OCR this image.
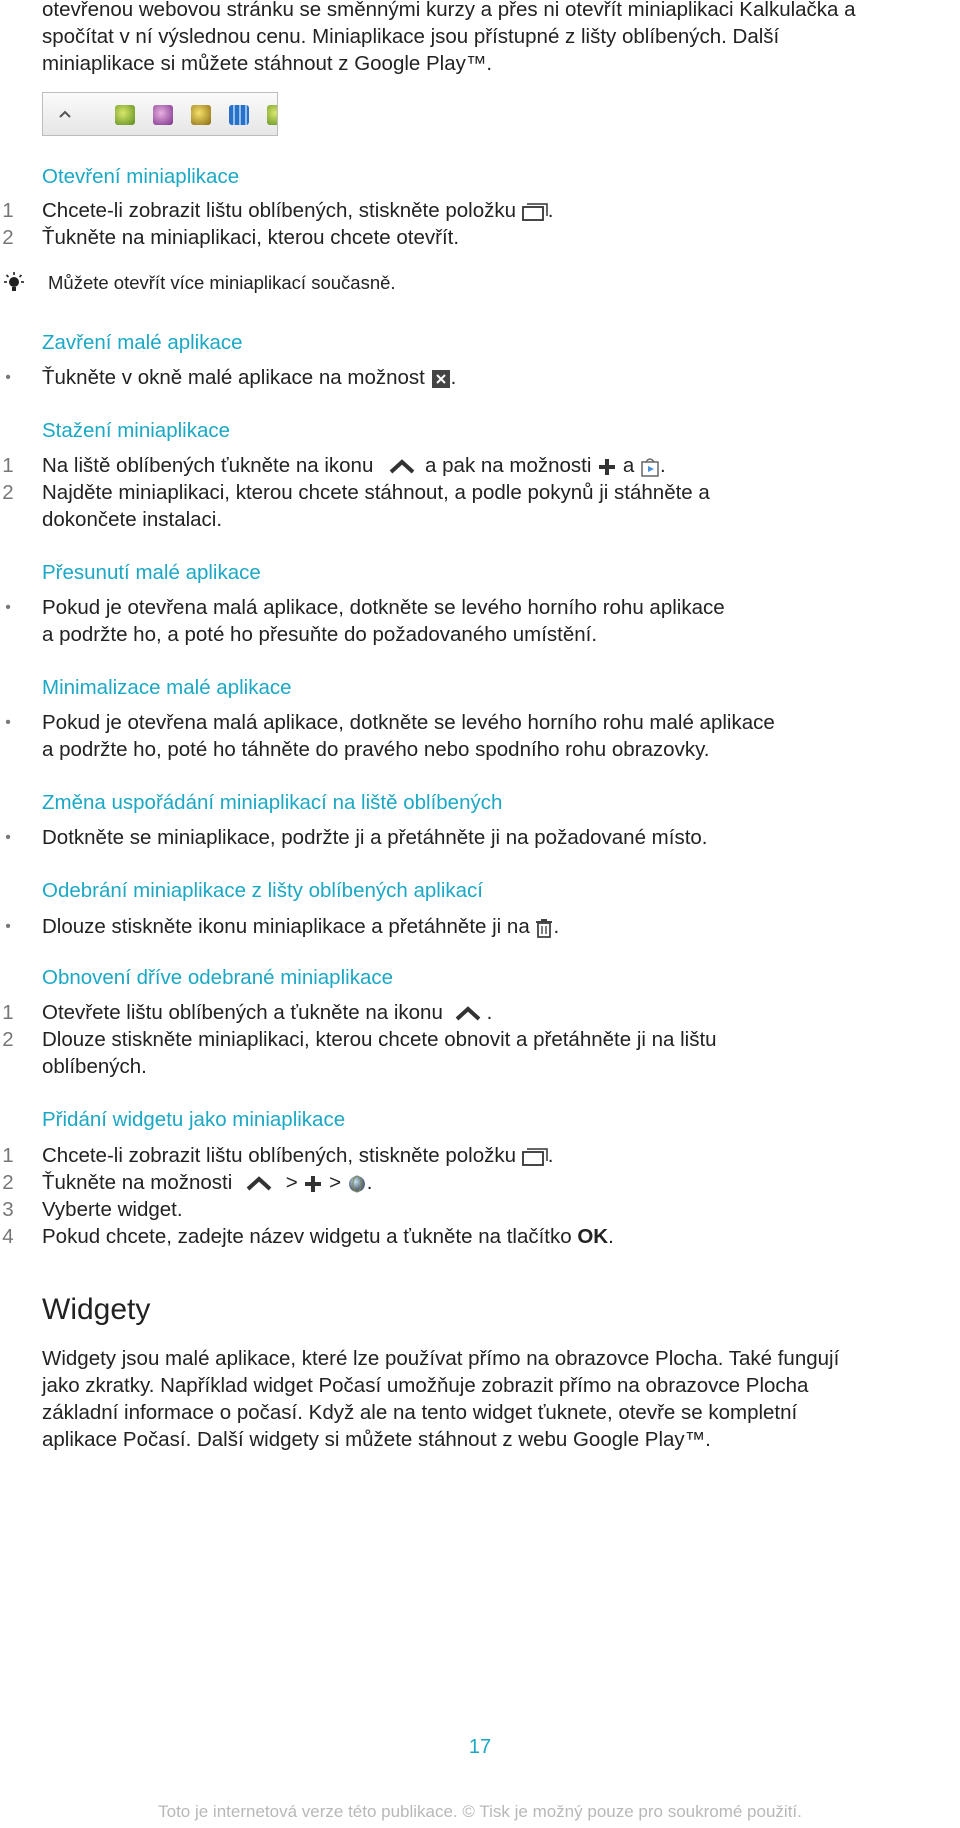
otevřenou webovou stránku se směnnými kurzy a přes ni otevřít miniaplikaci Kalkulačka a
spočítat v ní výslednou cenu. Miniaplikace jsou přístupné z lišty oblíbených. Další
miniaplikace si můžete stáhnout z Google Play™.
Otevření miniaplikace
1 Chcete-li zobrazit lištu oblíbených, stiskněte položku .
2 Ťukněte na miniaplikaci, kterou chcete otevřít.
Můžete otevřít více miniaplikací současně.
Zavření malé aplikace
• Ťukněte v okně malé aplikace na možnost .
Stažení miniaplikace
1 Na liště oblíbených ťukněte na ikonu	a pak na možnosti a .
2 Najděte miniaplikaci, kterou chcete stáhnout, a podle pokynů ji stáhněte a
dokončete instalaci.
Přesunutí malé aplikace
• Pokud je otevřena malá aplikace, dotkněte se levého horního rohu aplikace
a podržte ho, a poté ho přesuňte do požadovaného umístění.
Minimalizace malé aplikace
• Pokud je otevřena malá aplikace, dotkněte se levého horního rohu malé aplikace
a podržte ho, poté ho táhněte do pravého nebo spodního rohu obrazovky.
Změna uspořádání miniaplikací na liště oblíbených
• Dotkněte se miniaplikace, podržte ji a přetáhněte ji na požadované místo.
Odebrání miniaplikace z lišty oblíbených aplikací
• Dlouze stiskněte ikonu miniaplikace a přetáhněte ji na .
Obnovení dříve odebrané miniaplikace
1 Otevřete lištu oblíbených a ťukněte na ikonu .
2 Dlouze stiskněte miniaplikaci, kterou chcete obnovit a přetáhněte ji na lištu
oblíbených.
Přidání widgetu jako miniaplikace
1 Chcete-li zobrazit lištu oblíbených, stiskněte položku .
2 Ťukněte na možnosti	> > .
3 Vyberte widget.
4 Pokud chcete, zadejte název widgetu a ťukněte na tlačítko OK.
Widgety
Widgety jsou malé aplikace, které lze používat přímo na obrazovce Plocha. Také fungují
jako zkratky. Například widget Počasí umožňuje zobrazit přímo na obrazovce Plocha
základní informace o počasí. Když ale na tento widget ťuknete, otevře se kompletní
aplikace Počasí. Další widgety si můžete stáhnout z webu Google Play™.
17
Toto je internetová verze této publikace. © Tisk je možný pouze pro soukromé použití.
